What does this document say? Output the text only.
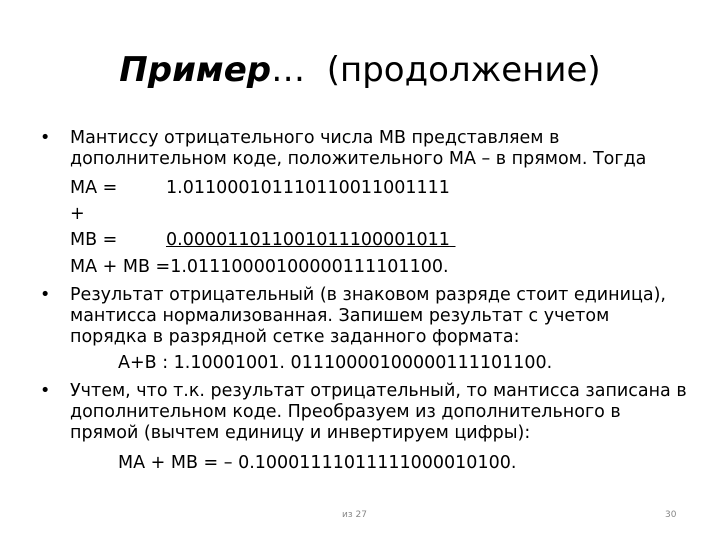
Пример… (продолжение)
• Мантиссу отрицательного числа МВ представляем в
дополнительном коде, положительного МА – в прямом. Тогда
МА =	1.011000101110110011001111
+
МВ =	0.000011011001011100001011
МА + МВ =1.01110000100000111101100.
• Результат отрицательный (в знаковом разряде стоит единица),
мантисса нормализованная. Запишем результат с учетом
порядка в разрядной сетке заданного формата:
А+В : 1.10001001. 01110000100000111101100.
• Учтем, что т.к. результат отрицательный, то мантисса записана в
дополнительном коде. Преобразуем из дополнительного в
прямой (вычтем единицу и инвертируем цифры):
МА + МВ = – 0.10001111011111000010100.
из 27	30
